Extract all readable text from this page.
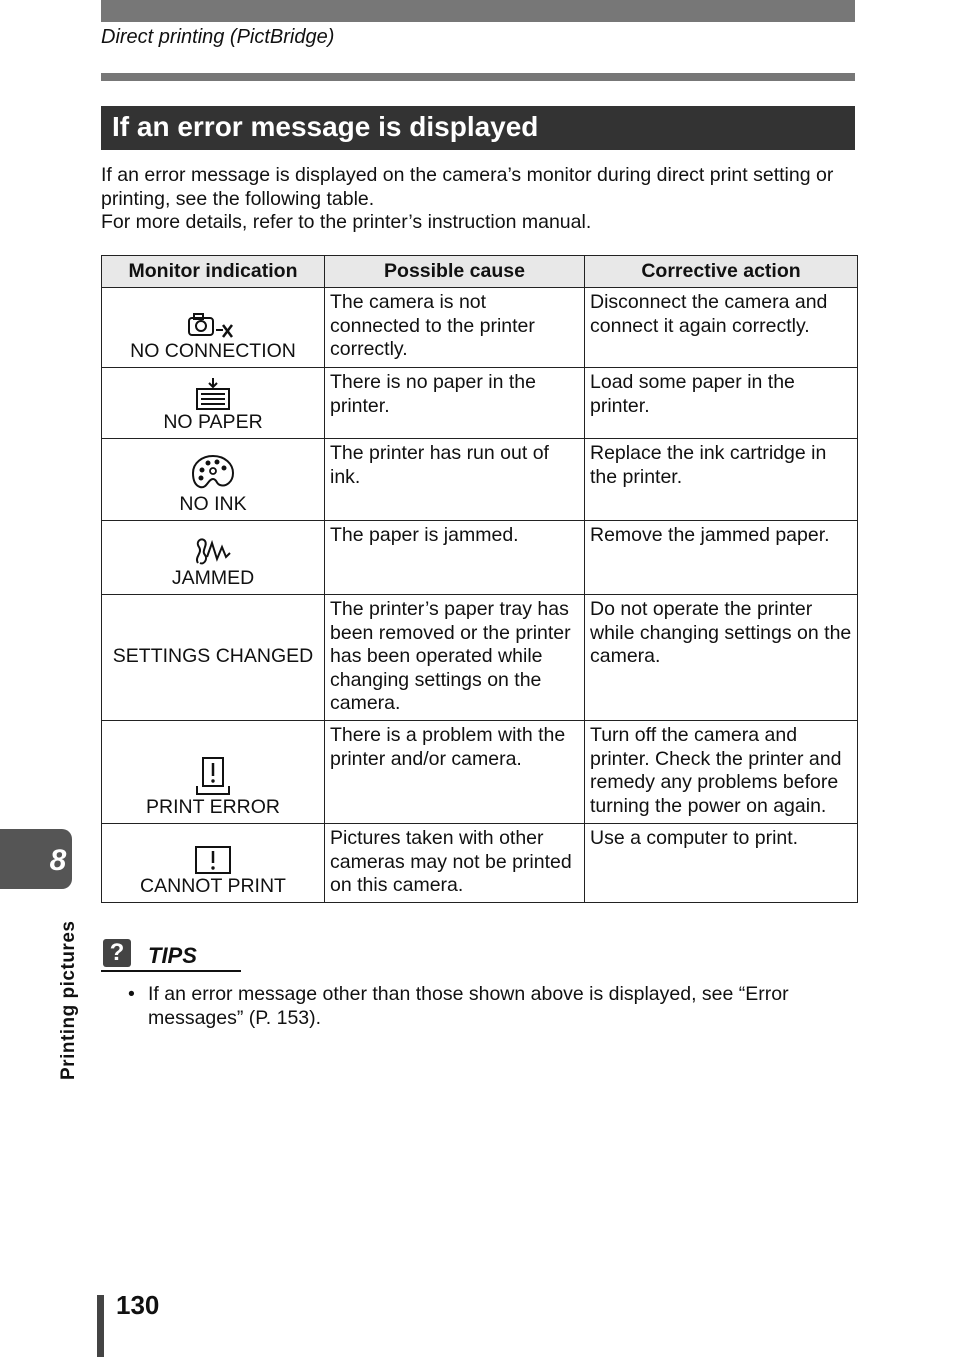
Direct printing (PictBridge)
If an error message is displayed

If an error message is displayed on the camera’s monitor during direct print setting or printing, see the following table.

For more details, refer to the printer’s instruction manual.

Monitor indication	Possible cause	Corrective action

NO CONNECTION	The camera is not connected to the printer correctly.	Disconnect the camera and connect it again correctly.

NO PAPER	There is no paper in the printer.	Load some paper in the printer.

NO INK	The printer has run out of ink.	Replace the ink cartridge in the printer.

JAMMED	The paper is jammed.	Remove the jammed paper.
SETTINGS CHANGED	The printer’s paper tray has been removed or the printer has been operated while changing settings on the camera.	Do not operate the printer while changing settings on the camera.

PRINT ERROR	There is a problem with the printer and/or camera.	Turn off the camera and printer. Check the printer and remedy any problems before turning the power on again.

CANNOT PRINT	Pictures taken with other cameras may not be printed on this camera.	Use a computer to print.
8
Printing pictures ?	TIPS
• If an error message other than those shown above is displayed, see “Error messages” (P. 153).
130
